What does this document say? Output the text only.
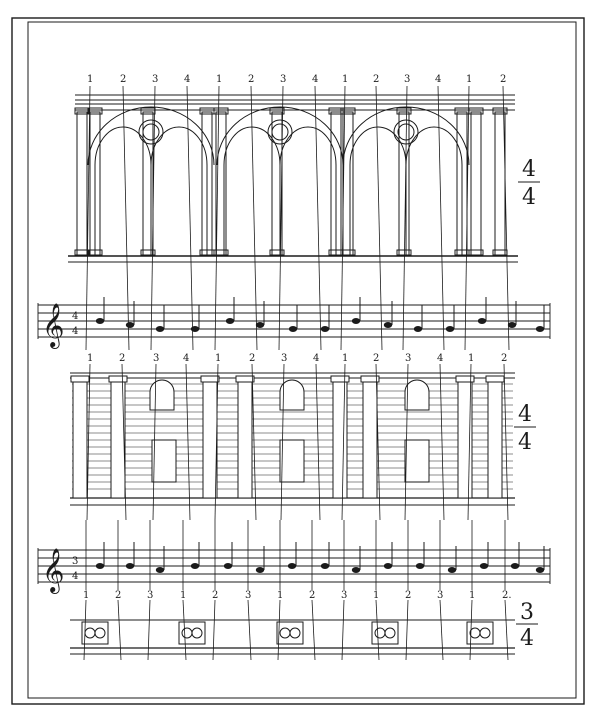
𝄞 4
4
𝄞 3
4
4
4
4
4
3
4
1	2	3	4	1	2	3	4 1 2 3 4 1	2
1	2	3 4	1	2	3	4 1 2	3	4 1	2
1	2	3	1	2	3	1	2	3	1	2	3	1	2.
